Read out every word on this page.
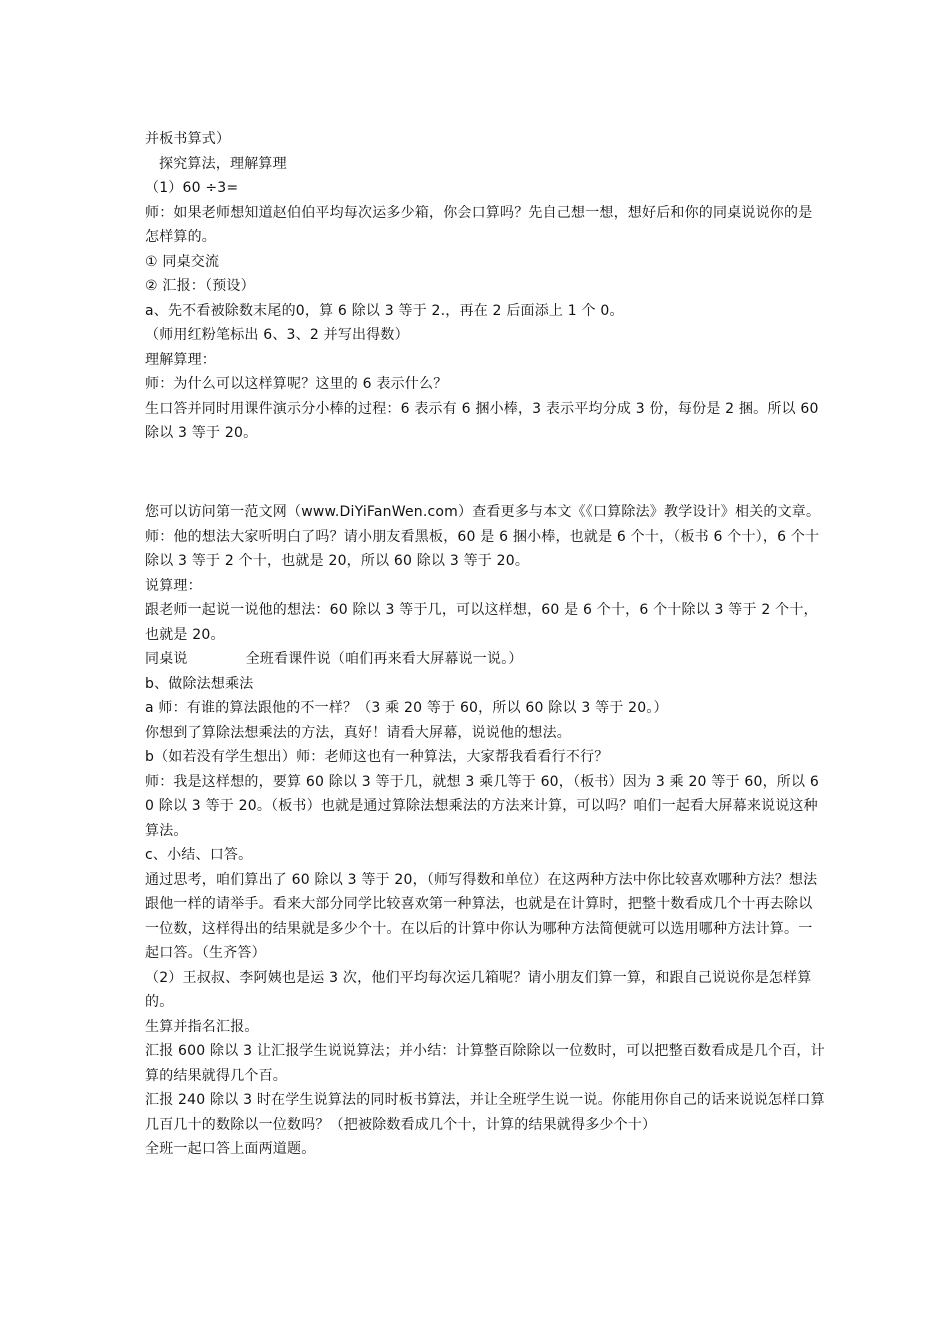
并板书算式）

探究算法，理解算理

（1）60 ÷3=

师：如果老师想知道赵伯伯平均每次运多少箱，你会口算吗？先自己想一想，想好后和你的同桌说说你的是怎样算的。

① 同桌交流

② 汇报：（预设）

a、先不看被除数末尾的0，算 6 除以 3 等于 2.，再在 2 后面添上 1 个 0。

（师用红粉笔标出 6、3、2 并写出得数）

理解算理：

师：为什么可以这样算呢？这里的 6 表示什么？

生口答并同时用课件演示分小棒的过程：6 表示有 6 捆小棒，3 表示平均分成 3 份，每份是 2 捆。所以 60 除以 3 等于 20。

您可以访问第一范文网（www.DiYiFanWen.com）查看更多与本文《《口算除法》教学设计》相关的文章。

师：他的想法大家听明白了吗？请小朋友看黑板，60 是 6 捆小棒，也就是 6 个十，（板书 6 个十），6 个十除以 3 等于 2 个十，也就是 20，所以 60 除以 3 等于 20。

说算理：

跟老师一起说一说他的想法：60 除以 3 等于几，可以这样想，60 是 6 个十，6 个十除以 3 等于 2 个十，也就是 20。

同桌说	全班看课件说（咱们再来看大屏幕说一说。）

b、做除法想乘法

a 师：有谁的算法跟他的不一样？（3 乘 20 等于 60，所以 60 除以 3 等于 20。）

你想到了算除法想乘法的方法，真好！请看大屏幕，说说他的想法。

b（如若没有学生想出）师：老师这也有一种算法，大家帮我看看行不行？

师：我是这样想的，要算 60 除以 3 等于几，就想 3 乘几等于 60，（板书）因为 3 乘 20 等于 60，所以 60 除以 3 等于 20。（板书）也就是通过算除法想乘法的方法来计算，可以吗？咱们一起看大屏幕来说说这种算法。

c、小结、口答。

通过思考，咱们算出了 60 除以 3 等于 20，（师写得数和单位）在这两种方法中你比较喜欢哪种方法？想法跟他一样的请举手。看来大部分同学比较喜欢第一种算法，也就是在计算时，把整十数看成几个十再去除以一位数，这样得出的结果就是多少个十。在以后的计算中你认为哪种方法简便就可以选用哪种方法计算。一起口答。（生齐答）

（2）王叔叔、李阿姨也是运 3 次，他们平均每次运几箱呢？请小朋友们算一算，和跟自己说说你是怎样算的。

生算并指名汇报。

汇报 600 除以 3 让汇报学生说说算法；并小结：计算整百除除以一位数时，可以把整百数看成是几个百，计算的结果就得几个百。

汇报 240 除以 3 时在学生说算法的同时板书算法，并让全班学生说一说。你能用你自己的话来说说怎样口算几百几十的数除以一位数吗？（把被除数看成几个十，计算的结果就得多少个十）

全班一起口答上面两道题。
